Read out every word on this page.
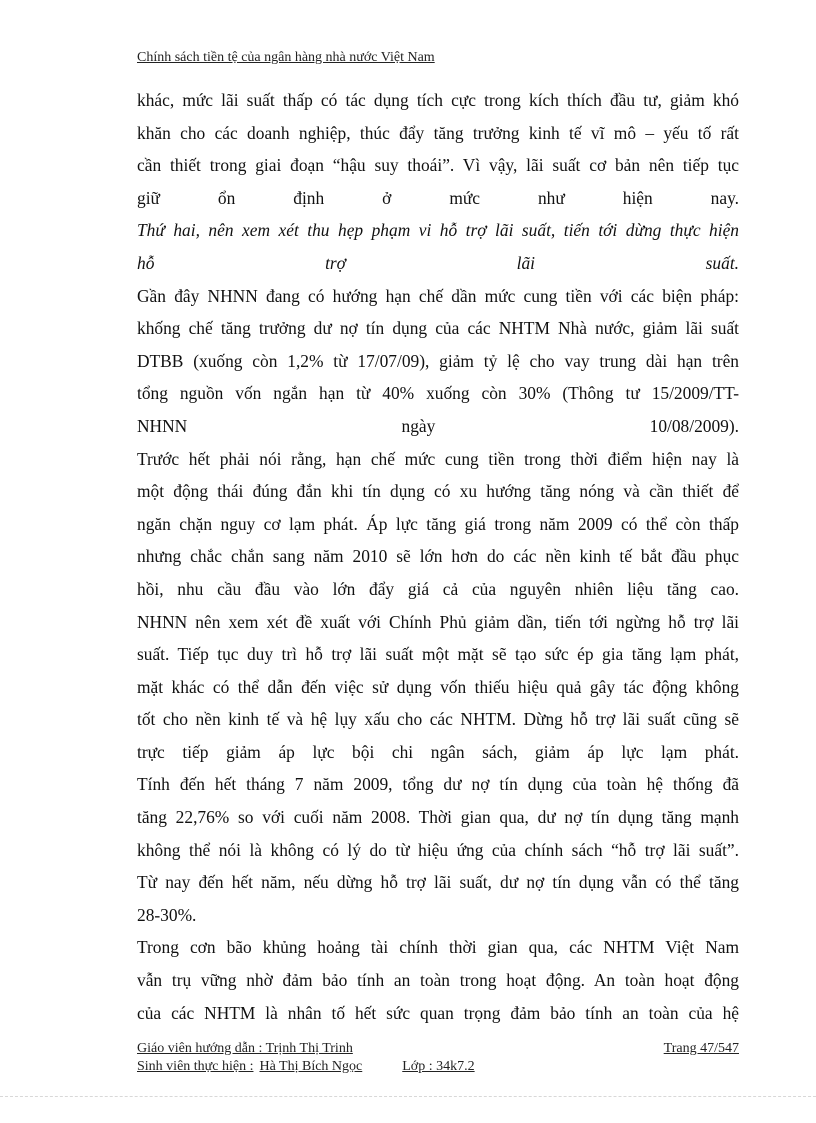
Chính sách tiền tệ của ngân hàng nhà nước Việt Nam

khác, mức lãi suất thấp có tác dụng tích cực trong kích thích đầu tư, giảm khó
khăn cho các doanh nghiệp, thúc đẩy tăng trưởng kinh tế vĩ mô – yếu tố rất
cần thiết trong giai đoạn “hậu suy thoái”. Vì vậy, lãi suất cơ bản nên tiếp tục
giữ ổn định ở mức như hiện nay.

Thứ hai, nên xem xét thu hẹp phạm vi hỗ trợ lãi suất, tiến tới dừng thực hiện
hỗ trợ lãi suất.

Gần đây NHNN đang có hướng hạn chế dần mức cung tiền với các biện pháp:
khống chế tăng trưởng dư nợ tín dụng của các NHTM Nhà nước, giảm lãi suất
DTBB (xuống còn 1,2% từ 17/07/09), giảm tỷ lệ cho vay trung dài hạn trên
tổng nguồn vốn ngắn hạn từ 40% xuống còn 30% (Thông tư 15/2009/TT-
NHNN ngày 10/08/2009).

Trước hết phải nói rằng, hạn chế mức cung tiền trong thời điểm hiện nay là
một động thái đúng đắn khi tín dụng có xu hướng tăng nóng và cần thiết để
ngăn chặn nguy cơ lạm phát. Áp lực tăng giá trong năm 2009 có thể còn thấp
nhưng chắc chắn sang năm 2010 sẽ lớn hơn do các nền kinh tế bắt đầu phục
hồi, nhu cầu đầu vào lớn đẩy giá cả của nguyên nhiên liệu tăng cao.
NHNN nên xem xét đề xuất với Chính Phủ giảm dần, tiến tới ngừng hỗ trợ lãi
suất. Tiếp tục duy trì hỗ trợ lãi suất một mặt sẽ tạo sức ép gia tăng lạm phát,
mặt khác có thể dẫn đến việc sử dụng vốn thiếu hiệu quả gây tác động không
tốt cho nền kinh tế và hệ lụy xấu cho các NHTM. Dừng hỗ trợ lãi suất cũng sẽ
trực tiếp giảm áp lực bội chi ngân sách, giảm áp lực lạm phát.
Tính đến hết tháng 7 năm 2009, tổng dư nợ tín dụng của toàn hệ thống đã
tăng 22,76% so với cuối năm 2008. Thời gian qua, dư nợ tín dụng tăng mạnh
không thể nói là không có lý do từ hiệu ứng của chính sách “hỗ trợ lãi suất”.
Từ nay đến hết năm, nếu dừng hỗ trợ lãi suất, dư nợ tín dụng vẫn có thể tăng
28-30%.

Trong cơn bão khủng hoảng tài chính thời gian qua, các NHTM Việt Nam
vẫn trụ vững nhờ đảm bảo tính an toàn trong hoạt động. An toàn hoạt động
của các NHTM là nhân tố hết sức quan trọng đảm bảo tính an toàn của hệ

Giáo viên hướng dẫn : Trịnh Thị Trinh	Trang 47/547
Sinh viên thực hiện : Hà Thị Bích Ngọc	Lớp : 34k7.2
